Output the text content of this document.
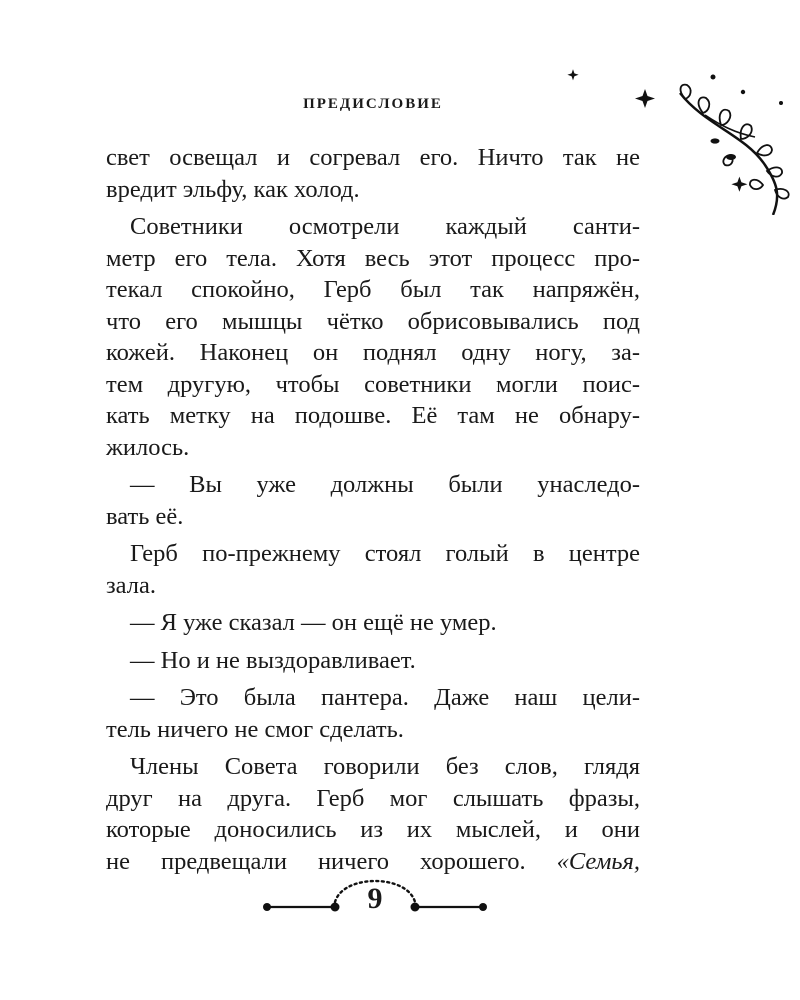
ПРЕДИСЛОВИЕ
свет освещал и согревал его. Ничто так не
вредит эльфу, как холод.
Советники осмотрели каждый санти-
метр его тела. Хотя весь этот процесс про-
текал спокойно, Герб был так напряжён,
что его мышцы чётко обрисовывались под
кожей. Наконец он поднял одну ногу, за-
тем другую, чтобы советники могли поис-
кать метку на подошве. Её там не обнару-
жилось.
— Вы уже должны были унаследо-
вать её.
Герб по-прежнему стоял голый в центре
зала.
— Я уже сказал — он ещё не умер.
— Но и не выздоравливает.
— Это была пантера. Даже наш цели-
тель ничего не смог сделать.
Члены Совета говорили без слов, глядя
друг на друга. Герб мог слышать фразы,
которые доносились из их мыслей, и они
не предвещали ничего хорошего. «Семья,
9
